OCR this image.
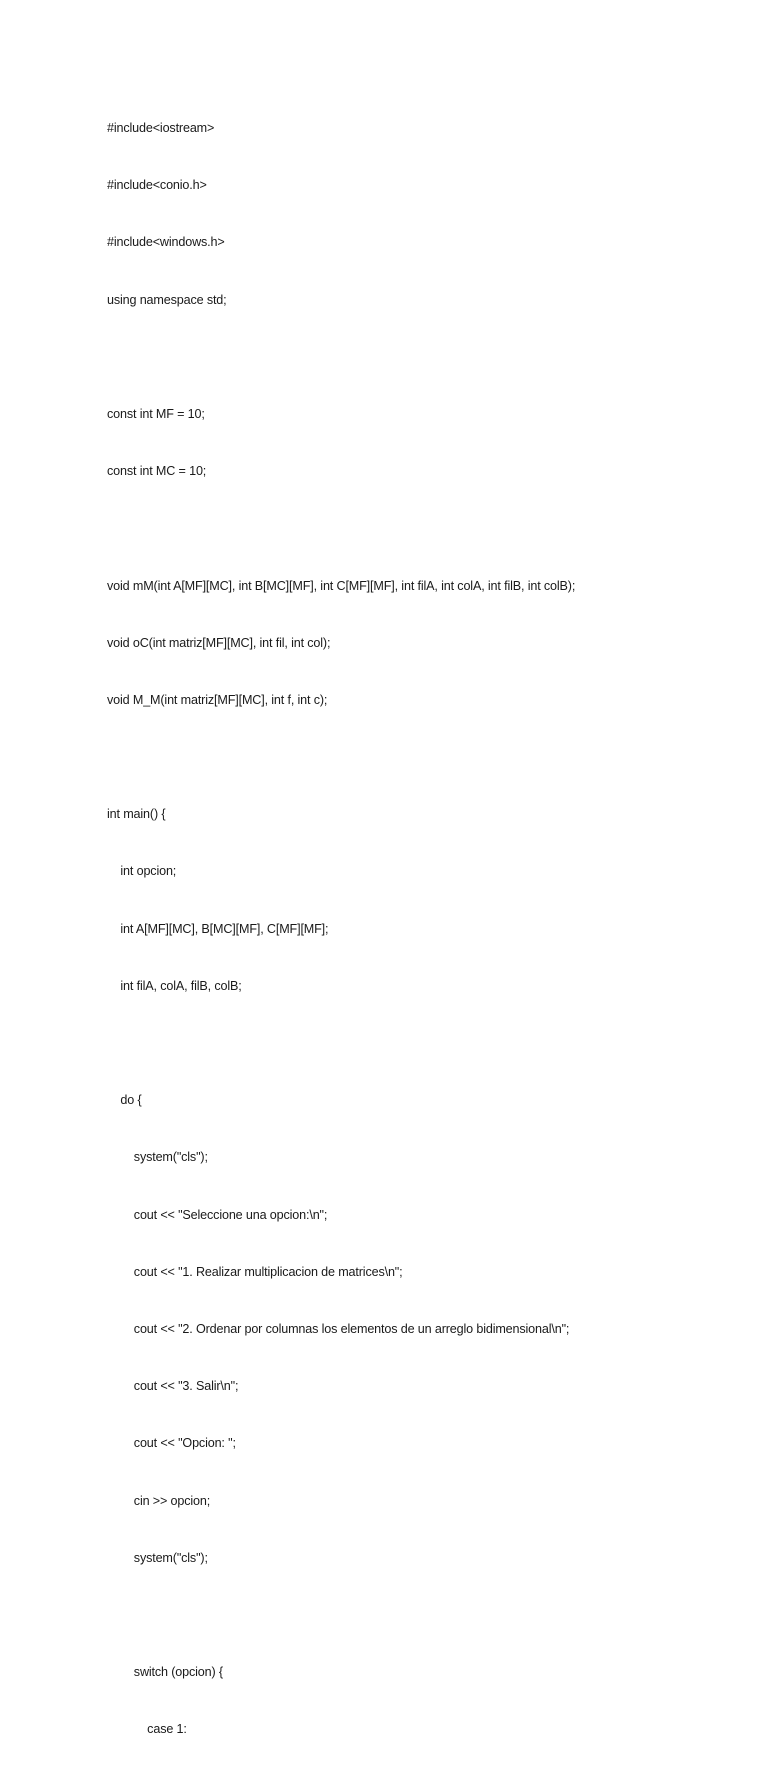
#include<iostream>

#include<conio.h>

#include<windows.h>

using namespace std;

const int MF = 10;

const int MC = 10;

void mM(int A[MF][MC], int B[MC][MF], int C[MF][MF], int filA, int colA, int filB, int colB);

void oC(int matriz[MF][MC], int fil, int col);

void M_M(int matriz[MF][MC], int f, int c);

int main() {

int opcion;

int A[MF][MC], B[MC][MF], C[MF][MF];

int filA, colA, filB, colB;

do {

system("cls");

cout << "Seleccione una opcion:\n";

cout << "1. Realizar multiplicacion de matrices\n";

cout << "2. Ordenar por columnas los elementos de un arreglo bidimensional\n";

cout << "3. Salir\n";

cout << "Opcion: ";

cin >> opcion;

system("cls");

switch (opcion) {

case 1:
